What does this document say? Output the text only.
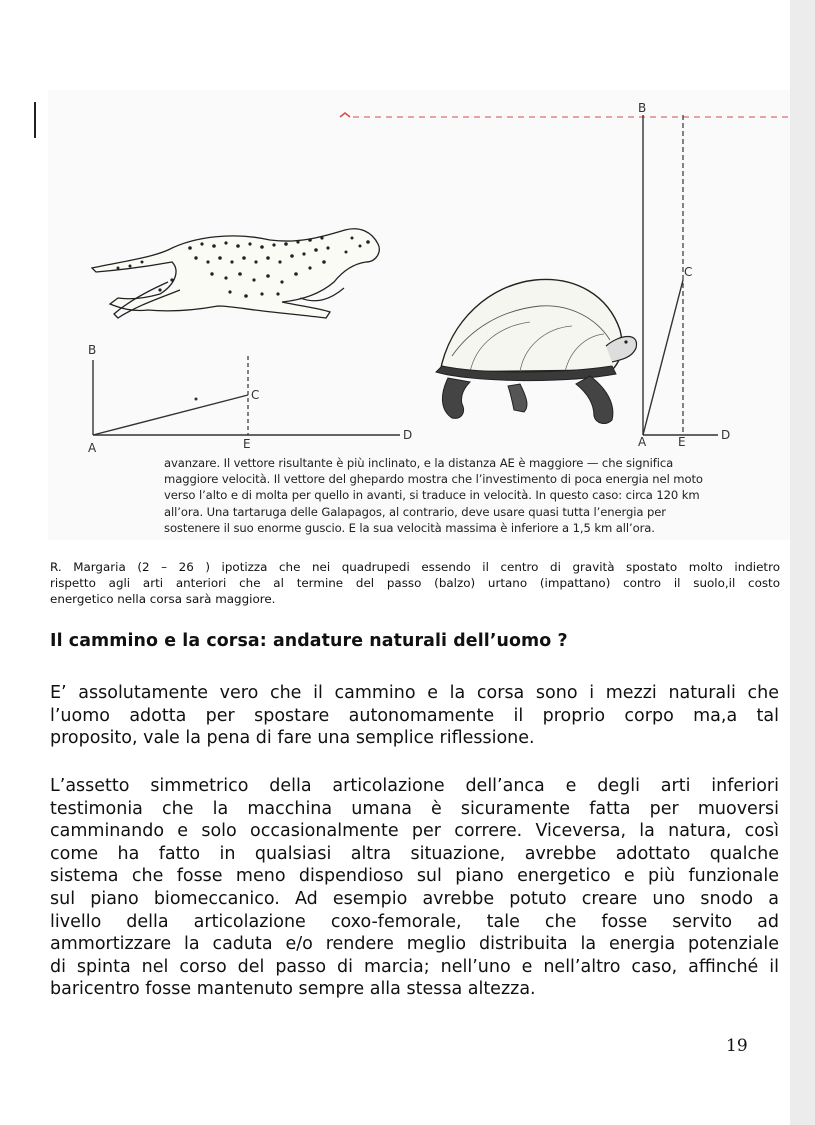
B
A	E
C
D
B
C
A	E	D
avanzare. Il vettore risultante è più inclinato, e la distanza AE è maggiore — che significa
maggiore velocità. Il vettore del ghepardo mostra che l’investimento di poca energia nel moto
verso l’alto e di molta per quello in avanti, si traduce in velocità. In questo caso: circa 120 km
all’ora. Una tartaruga delle Galapagos, al contrario, deve usare quasi tutta l’energia per
sostenere il suo enorme guscio. E la sua velocità massima è inferiore a 1,5 km all’ora.
R. Margaria (2 – 26 ) ipotizza che nei quadrupedi essendo il centro di gravità spostato molto indietro
rispetto agli arti anteriori che al termine del passo (balzo) urtano (impattano) contro il suolo,il costo
energetico nella corsa sarà maggiore.
Il cammino e la corsa: andature naturali dell’uomo ?
E’ assolutamente vero che il cammino e la corsa sono i mezzi naturali che
l’uomo adotta per spostare autonomamente il proprio corpo ma,a tal
proposito, vale la pena di fare una semplice riflessione.
L’assetto simmetrico della articolazione dell’anca e degli arti inferiori
testimonia che la macchina umana è sicuramente fatta per muoversi
camminando e solo occasionalmente per correre. Viceversa, la natura, così
come ha fatto in qualsiasi altra situazione, avrebbe adottato qualche
sistema che fosse meno dispendioso sul piano energetico e più funzionale
sul piano biomeccanico. Ad esempio avrebbe potuto creare uno snodo a
livello della articolazione coxo-femorale, tale che fosse servito ad
ammortizzare la caduta e/o rendere meglio distribuita la energia potenziale
di spinta nel corso del passo di marcia; nell’uno e nell’altro caso, affinché il
baricentro fosse mantenuto sempre alla stessa altezza.
19
